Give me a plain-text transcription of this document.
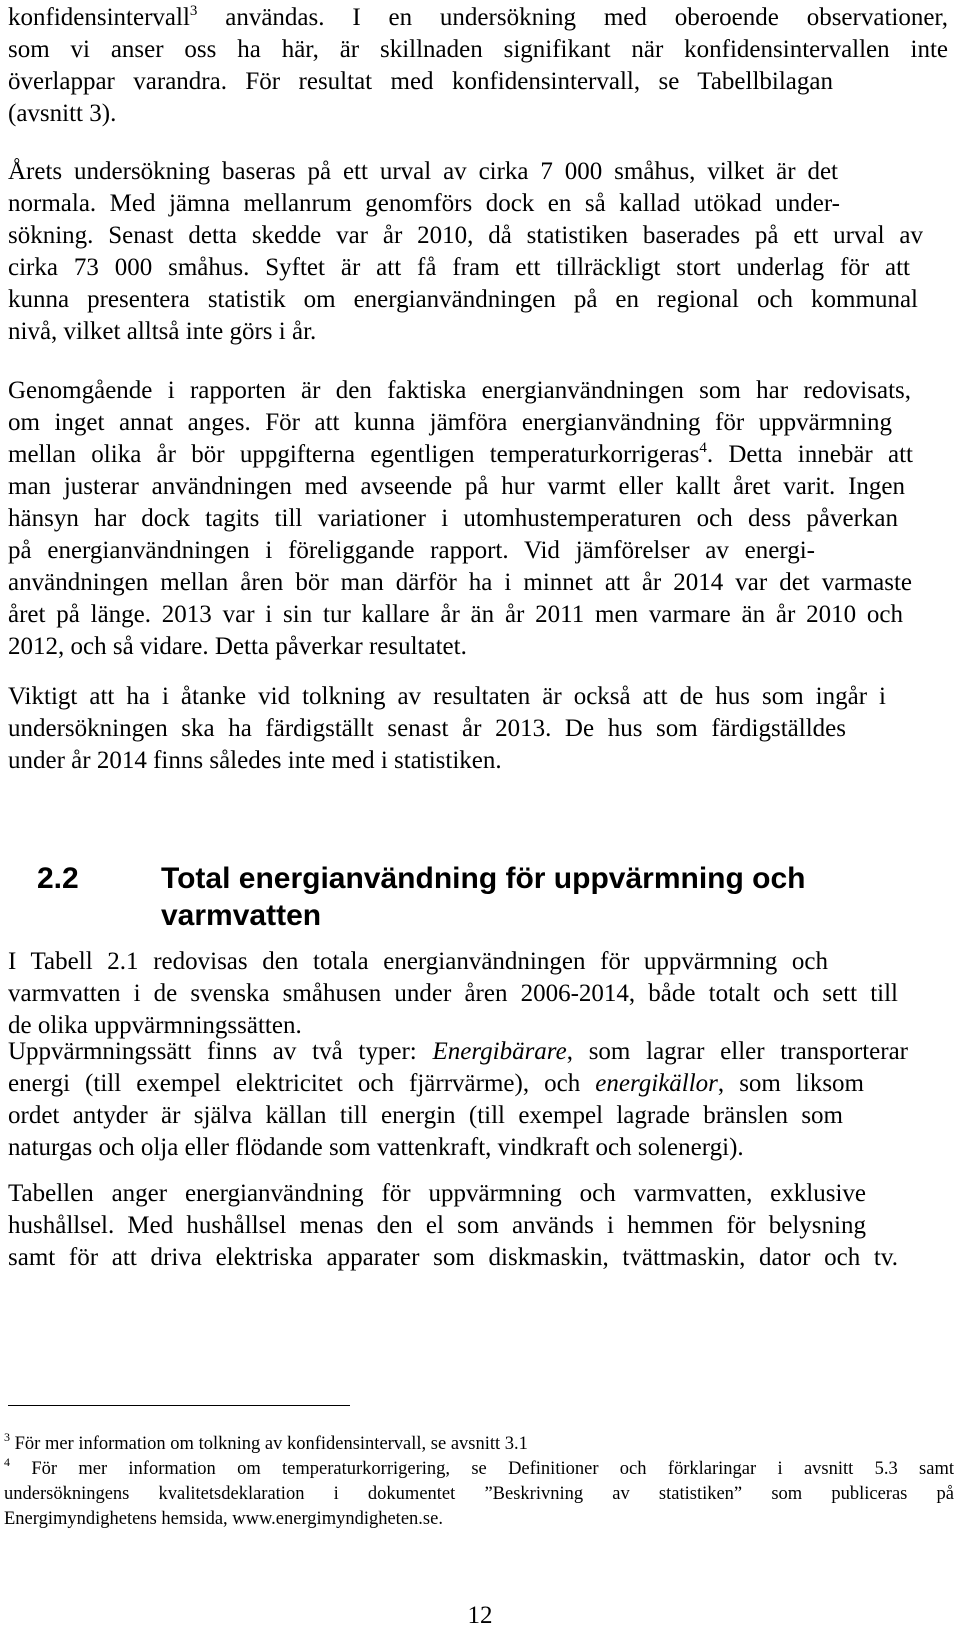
konfidensintervall$^3$ användas. I en undersökning med oberoende observationer,
som vi anser oss ha här, är skillnaden signifikant när konfidensintervallen inte
överlappar varandra. För resultat med konfidensintervall, se Tabellbilagan
(avsnitt 3).

Årets undersökning baseras på ett urval av cirka 7 000 småhus, vilket är det
normala. Med jämna mellanrum genomförs dock en så kallad utökad under-
sökning. Senast detta skedde var år 2010, då statistiken baserades på ett urval av
cirka 73 000 småhus. Syftet är att få fram ett tillräckligt stort underlag för att
kunna presentera statistik om energianvändningen på en regional och kommunal
nivå, vilket alltså inte görs i år.

Genomgående i rapporten är den faktiska energianvändningen som har redovisats,
om inget annat anges. För att kunna jämföra energianvändning för uppvärmning
mellan olika år bör uppgifterna egentligen temperaturkorrigeras$^4$. Detta innebär att
man justerar användningen med avseende på hur varmt eller kallt året varit. Ingen
hänsyn har dock tagits till variationer i utomhustemperaturen och dess påverkan
på energianvändningen i föreliggande rapport. Vid jämförelser av energi-
användningen mellan åren bör man därför ha i minnet att år 2014 var det varmaste
året på länge. 2013 var i sin tur kallare år än år 2011 men varmare än år 2010 och
2012, och så vidare. Detta påverkar resultatet.

Viktigt att ha i åtanke vid tolkning av resultaten är också att de hus som ingår i
undersökningen ska ha färdigställt senast år 2013. De hus som färdigställdes
under år 2014 finns således inte med i statistiken.

2.2	Total energianvändning för uppvärmning och
varmvatten

I Tabell 2.1 redovisas den totala energianvändningen för uppvärmning och
varmvatten i de svenska småhusen under åren 2006-2014, både totalt och sett till
de olika uppvärmningssätten.

Uppvärmningssätt finns av två typer: Energibärare, som lagrar eller transporterar
energi (till exempel elektricitet och fjärrvärme), och energikällor, som liksom
ordet antyder är själva källan till energin (till exempel lagrade bränslen som
naturgas och olja eller flödande som vattenkraft, vindkraft och solenergi).

Tabellen anger energianvändning för uppvärmning och varmvatten, exklusive
hushållsel. Med hushållsel menas den el som används i hemmen för belysning
samt för att driva elektriska apparater som diskmaskin, tvättmaskin, dator och tv.

$^3$ För mer information om tolkning av konfidensintervall, se avsnitt 3.1

$^4$ För mer information om temperaturkorrigering, se Definitioner och förklaringar i avsnitt 5.3 samt
undersökningens kvalitetsdeklaration i dokumentet ”Beskrivning av statistiken” som publiceras på
Energimyndighetens hemsida, www.energimyndigheten.se.

12
